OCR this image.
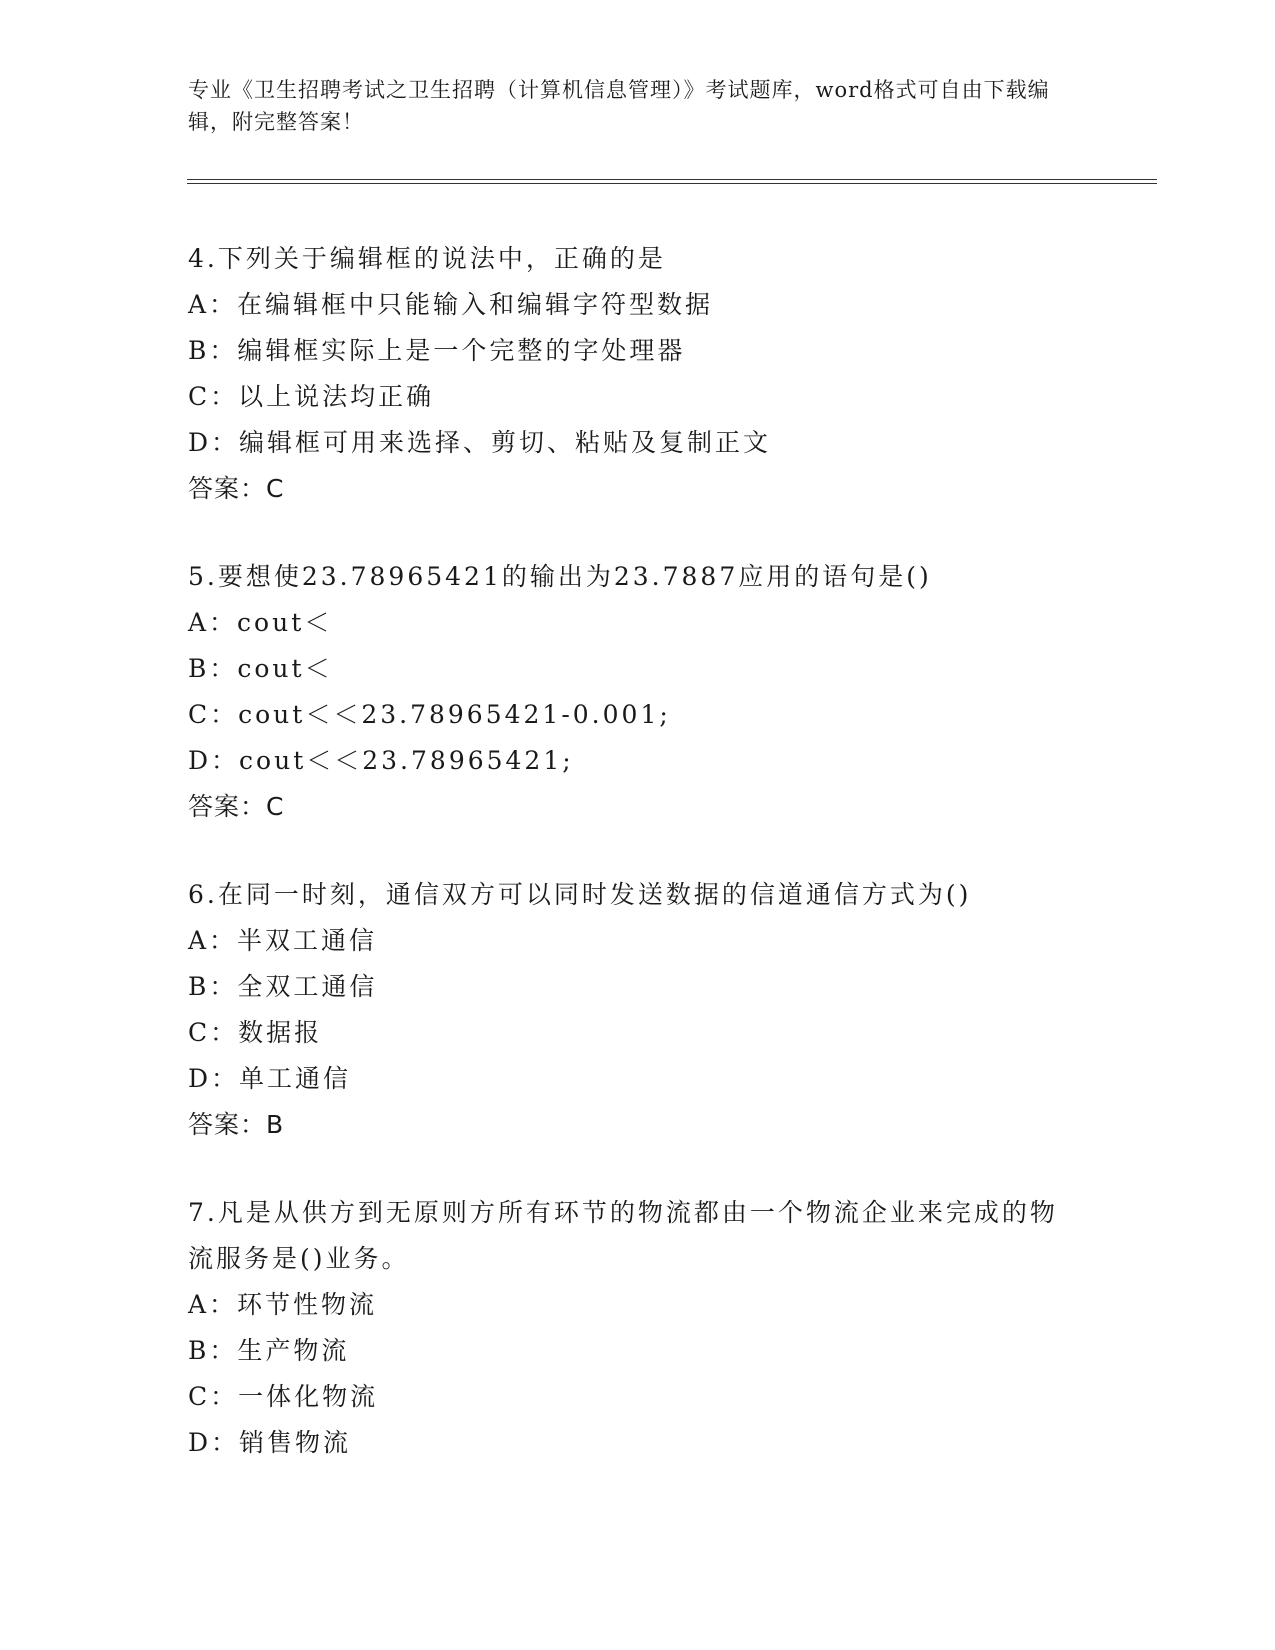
专业《卫生招聘考试之卫生招聘（计算机信息管理）》考试题库，word格式可自由下载编辑，附完整答案！
4.下列关于编辑框的说法中，正确的是
A：在编辑框中只能输入和编辑字符型数据
B：编辑框实际上是一个完整的字处理器
C：以上说法均正确
D：编辑框可用来选择、剪切、粘贴及复制正文
答案：C
5.要想使23.78965421的输出为23.7887应用的语句是()
A：cout＜
B：cout＜
C：cout＜＜23.78965421-0.001;
D：cout＜＜23.78965421;
答案：C
6.在同一时刻，通信双方可以同时发送数据的信道通信方式为()
A：半双工通信
B：全双工通信
C：数据报
D：单工通信
答案：B
7.凡是从供方到无原则方所有环节的物流都由一个物流企业来完成的物流服务是()业务。
A：环节性物流
B：生产物流
C：一体化物流
D：销售物流
